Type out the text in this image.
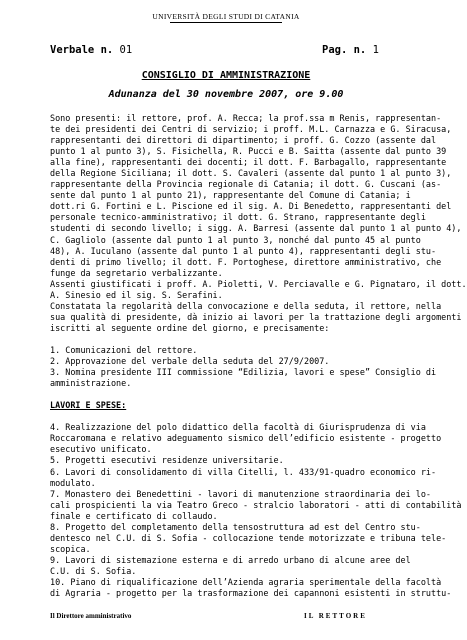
UNIVERSITÀ DEGLI STUDI DI CATANIA
Verbale n. 01	Pag. n. 1
CONSIGLIO DI AMMINISTRAZIONE
Adunanza del 30 novembre 2007, ore 9.00
Sono presenti: il rettore, prof. A. Recca; la prof.ssa m Renis, rappresentan-
te dei presidenti dei Centri di servizio; i proff. M.L. Carnazza e G. Siracusa,
rappresentanti dei direttori di dipartimento; i proff. G. Cozzo (assente dal
punto 1 al punto 3), S. Fisichella, R. Pucci e B. Saitta (assente dal punto 39
alla fine), rappresentanti dei docenti; il dott. F. Barbagallo, rappresentante
della Regione Siciliana; il dott. S. Cavaleri (assente dal punto 1 al punto 3),
rappresentante della Provincia regionale di Catania; il dott. G. Cuscani (as-
sente dal punto 1 al punto 21), rappresentante del Comune di Catania; i
dott.ri G. Fortini e L. Piscione ed il sig. A. Di Benedetto, rappresentanti del
personale tecnico-amministrativo; il dott. G. Strano, rappresentante degli
studenti di secondo livello; i sigg. A. Barresi (assente dal punto 1 al punto 4),
C. Gagliolo (assente dal punto 1 al punto 3, nonché dal punto 45 al punto
48), A. Iuculano (assente dal punto 1 al punto 4), rappresentanti degli stu-
denti di primo livello; il dott. F. Portoghese, direttore amministrativo, che
funge da segretario verbalizzante.
Assenti giustificati i proff. A. Pioletti, V. Perciavalle e G. Pignataro, il dott.
A. Sinesio ed il sig. S. Serafini.
Constatata la regolarità della convocazione e della seduta, il rettore, nella
sua qualità di presidente, dà inizio ai lavori per la trattazione degli argomenti
iscritti al seguente ordine del giorno, e precisamente:
1. Comunicazioni del rettore.
2. Approvazione del verbale della seduta del 27/9/2007.
3. Nomina presidente III commissione “Edilizia, lavori e spese” Consiglio di
amministrazione.
LAVORI E SPESE:
4. Realizzazione del polo didattico della facoltà di Giurisprudenza di via
Roccaromana e relativo adeguamento sismico dell’edificio esistente - progetto
esecutivo unificato.
5. Progetti esecutivi residenze universitarie.
6. Lavori di consolidamento di villa Citelli, l. 433/91-quadro economico ri-
modulato.
7. Monastero dei Benedettini - lavori di manutenzione straordinaria dei lo-
cali prospicienti la via Teatro Greco - stralcio laboratori - atti di contabilità
finale e certificato di collaudo.
8. Progetto del completamento della tensostruttura ad est del Centro stu-
dentesco nel C.U. di S. Sofia - collocazione tende motorizzate e tribuna tele-
scopica.
9. Lavori di sistemazione esterna e di arredo urbano di alcune aree del
C.U. di S. Sofia.
10. Piano di riqualificazione dell’Azienda agraria sperimentale della facoltà
di Agraria - progetto per la trasformazione dei capannoni esistenti in struttu-
Il Direttore amministrativo	IL RETTORE
